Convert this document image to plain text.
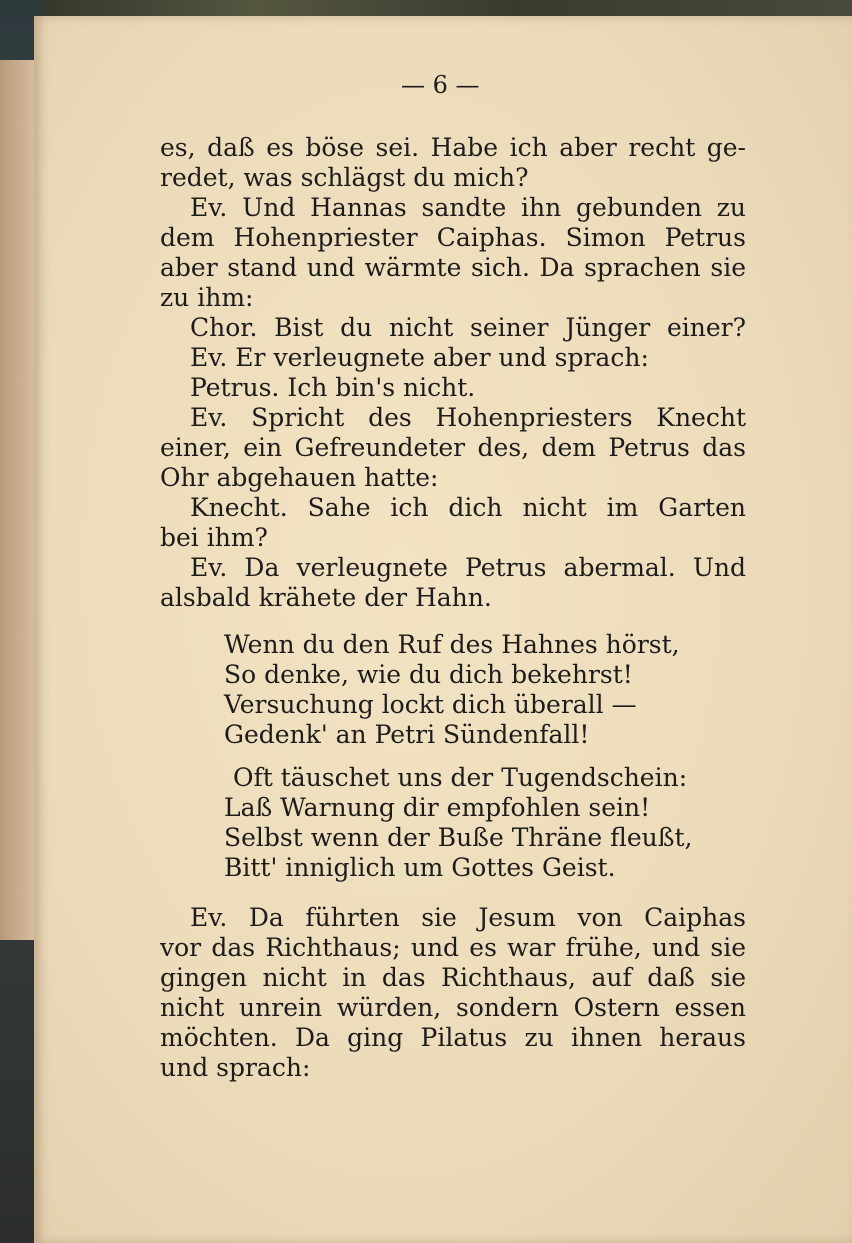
— 6 —
es, daß es böse sei. Habe ich aber recht ge-
redet, was schlägst du mich?
Ev. Und Hannas sandte ihn gebunden zu
dem Hohenpriester Caiphas. Simon Petrus
aber stand und wärmte sich. Da sprachen sie
zu ihm:
Chor. Bist du nicht seiner Jünger einer?
Ev. Er verleugnete aber und sprach:
Petrus. Ich bin's nicht.
Ev. Spricht des Hohenpriesters Knecht
einer, ein Gefreundeter des, dem Petrus das
Ohr abgehauen hatte:
Knecht. Sahe ich dich nicht im Garten
bei ihm?
Ev. Da verleugnete Petrus abermal. Und
alsbald krähete der Hahn.
Wenn du den Ruf des Hahnes hörst,
So denke, wie du dich bekehrst!
Versuchung lockt dich überall —
Gedenk' an Petri Sündenfall!
Oft täuschet uns der Tugendschein:
Laß Warnung dir empfohlen sein!
Selbst wenn der Buße Thräne fleußt,
Bitt' inniglich um Gottes Geist.
Ev. Da führten sie Jesum von Caiphas
vor das Richthaus; und es war frühe, und sie
gingen nicht in das Richthaus, auf daß sie
nicht unrein würden, sondern Ostern essen
möchten. Da ging Pilatus zu ihnen heraus
und sprach:
